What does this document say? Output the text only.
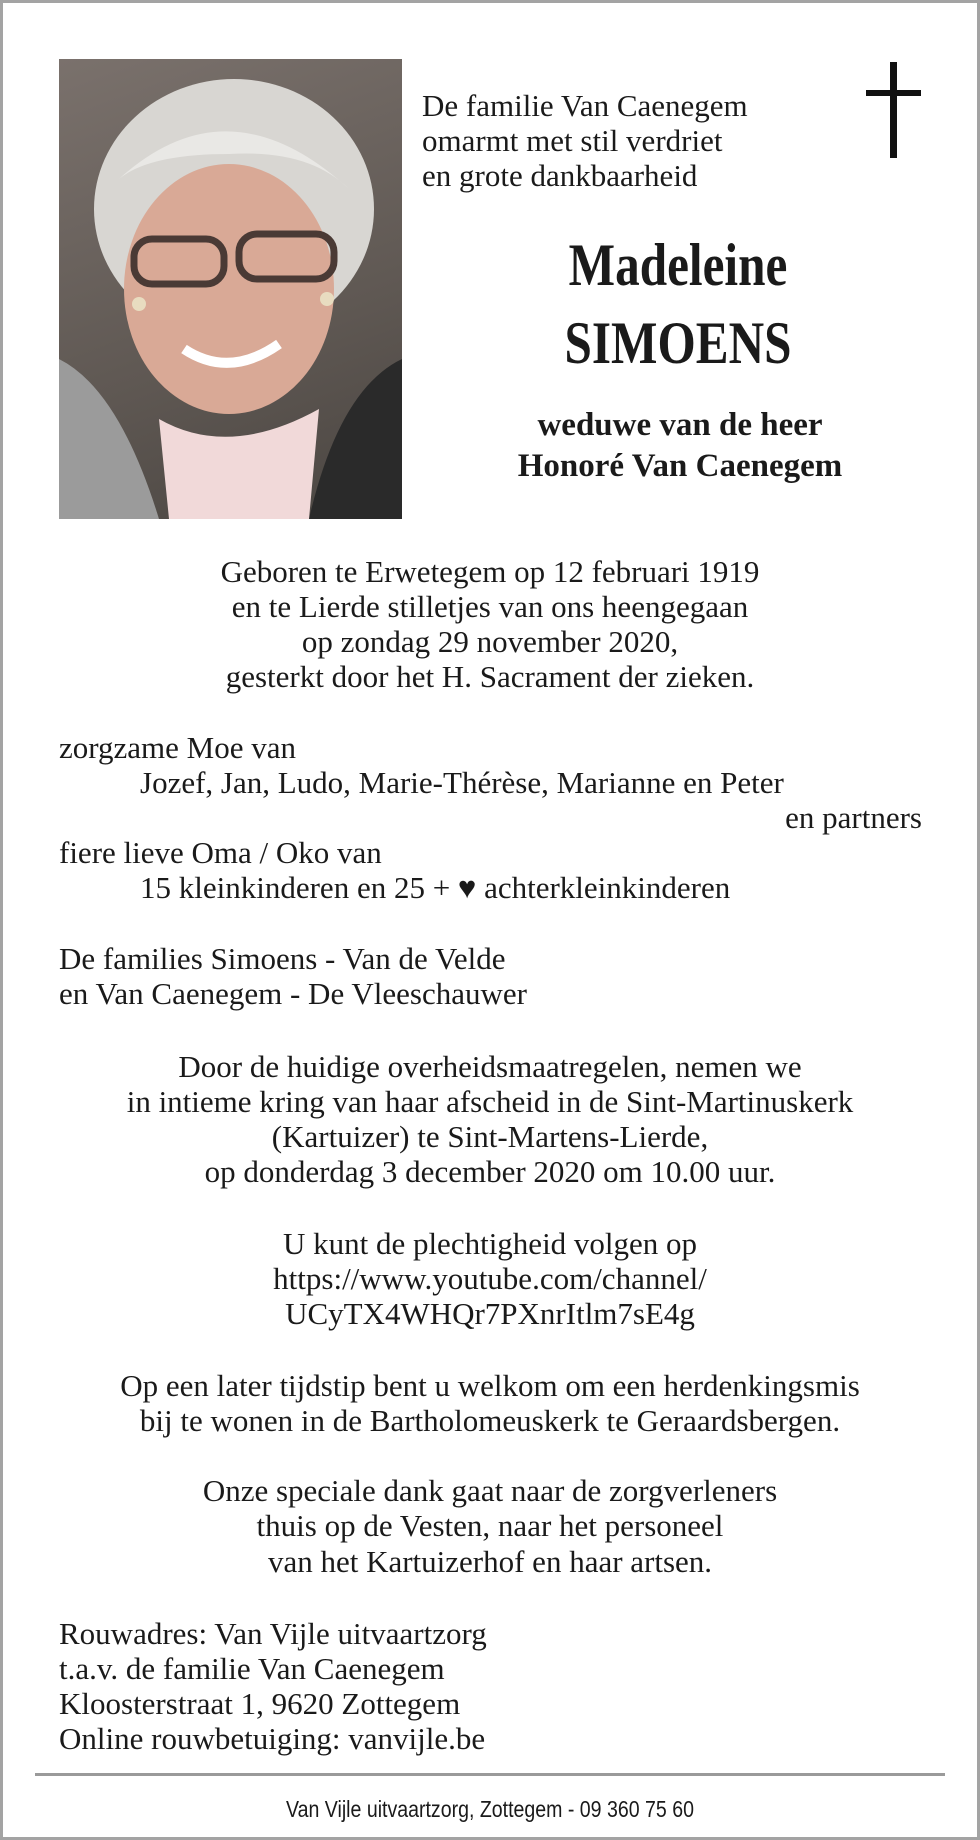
De familie Van Caenegem
omarmt met stil verdriet
en grote dankbaarheid
Madeleine
SIMOENS
weduwe van de heer
Honoré Van Caenegem
Geboren te Erwetegem op 12 februari 1919
en te Lierde stilletjes van ons heengegaan
op zondag 29 november 2020,
gesterkt door het H. Sacrament der zieken.
zorgzame Moe van
Jozef, Jan, Ludo, Marie-Thérèse, Marianne en Peter
en partners
fiere lieve Oma / Oko van
15 kleinkinderen en 25 + ♥ achterkleinkinderen
De families Simoens - Van de Velde
en Van Caenegem - De Vleeschauwer
Door de huidige overheidsmaatregelen, nemen we
in intieme kring van haar afscheid in de Sint-Martinuskerk
(Kartuizer) te Sint-Martens-Lierde,
op donderdag 3 december 2020 om 10.00 uur.
U kunt de plechtigheid volgen op
https://www.youtube.com/channel/
UCyTX4WHQr7PXnrItlm7sE4g
Op een later tijdstip bent u welkom om een herdenkingsmis
bij te wonen in de Bartholomeuskerk te Geraardsbergen.
Onze speciale dank gaat naar de zorgverleners
thuis op de Vesten, naar het personeel
van het Kartuizerhof en haar artsen.
Rouwadres: Van Vijle uitvaartzorg
t.a.v. de familie Van Caenegem
Kloosterstraat 1, 9620 Zottegem
Online rouwbetuiging: vanvijle.be
Van Vijle uitvaartzorg, Zottegem - 09 360 75 60
